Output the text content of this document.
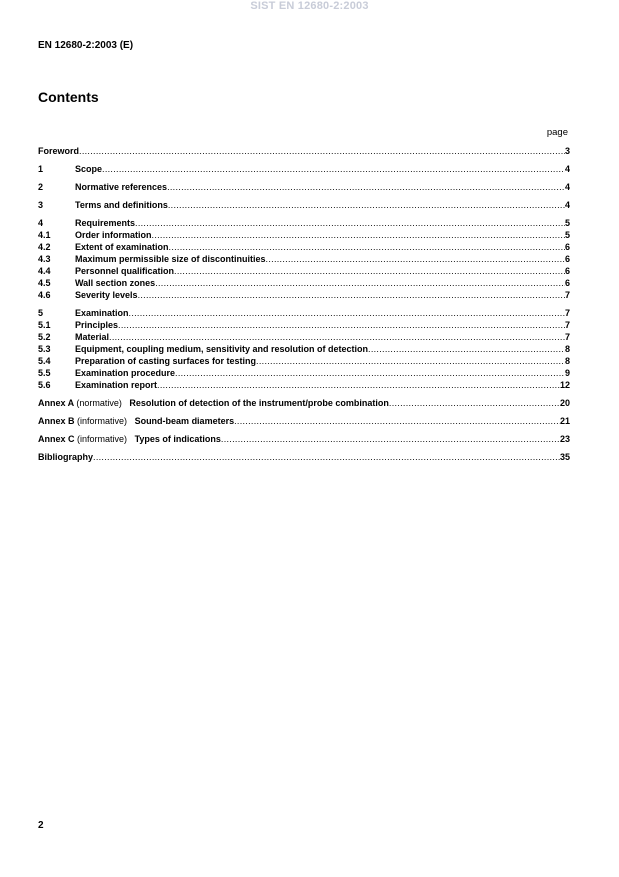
SIST EN 12680-2:2003
EN 12680-2:2003 (E)
Contents
page
Foreword .....	3
1	Scope .....	4
2	Normative references .....	4
3	Terms and definitions .....	4
4	Requirements .....	5
4.1	Order information .....	5
4.2	Extent of examination .....	6
4.3	Maximum permissible size of discontinuities .....	6
4.4	Personnel qualification .....	6
4.5	Wall section zones .....	6
4.6	Severity levels .....	7
5	Examination .....	7
5.1	Principles .....	7
5.2	Material .....	7
5.3	Equipment, coupling medium, sensitivity and resolution of detection .....	8
5.4	Preparation of casting surfaces for testing .....	8
5.5	Examination procedure .....	9
5.6	Examination report .....	12
Annex A (normative) Resolution of detection of the instrument/probe combination .....	20
Annex B (informative) Sound-beam diameters .....	21
Annex C (informative) Types of indications .....	23
Bibliography .....	35
2
